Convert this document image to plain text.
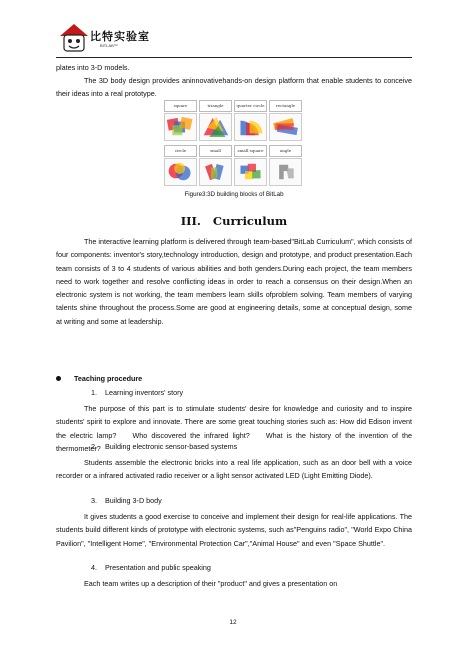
比特实验室
BITLAB™
plates into 3-D models.
The 3D body design provides aninnovativehands-on design platform that enable students to conceive their ideas into a real prototype.
square	triangle	quarter circle	rectangle
circle	small	small square	angle
Figure3:3D building blocks of BitLab
III.   Curriculum
The interactive learning platform is delivered through team-based"BitLab Curriculum", which consists of four components: inventor's story,technology introduction, design and prototype, and product presentation.Each team consists of 3 to 4 students of various abilities and both genders.During each project, the team members need to work together and resolve conflicting ideas in order to reach a consensus on their design.When an electronic system is not working, the team members learn skills ofproblem solving. Team members of varying talents shine throughout the process.Some are good at engineering details, some at conceptual design, some at writing and some at leadership.
Teaching procedure
1.    Learning inventors' story
The purpose of this part is to stimulate students' desire for knowledge and curiosity and to inspire students' spirit to explore and innovate. There are some great touching stories such as: How did Edison invent the electric lamp?    Who discovered the infrared light?    What is the history of the invention of the thermometer?
2.    Building electronic sensor-based systems
Students assemble the electronic bricks into a real life application, such as an door bell with a voice recorder or a infrared activated radio receiver or a light sensor activated LED (Light Emitting Diode).
3.    Building 3-D body
It gives students a good exercise to conceive and implement their design for real-life applications. The students build different kinds of prototype with electronic systems, such as"Penguins radio", "World Expo China Pavilion", "Intelligent Home", "Environmental Protection Car","Animal House" and even "Space Shuttle".
4.    Presentation and public speaking
Each team writes up a description of their "product" and gives a presentation on
12
